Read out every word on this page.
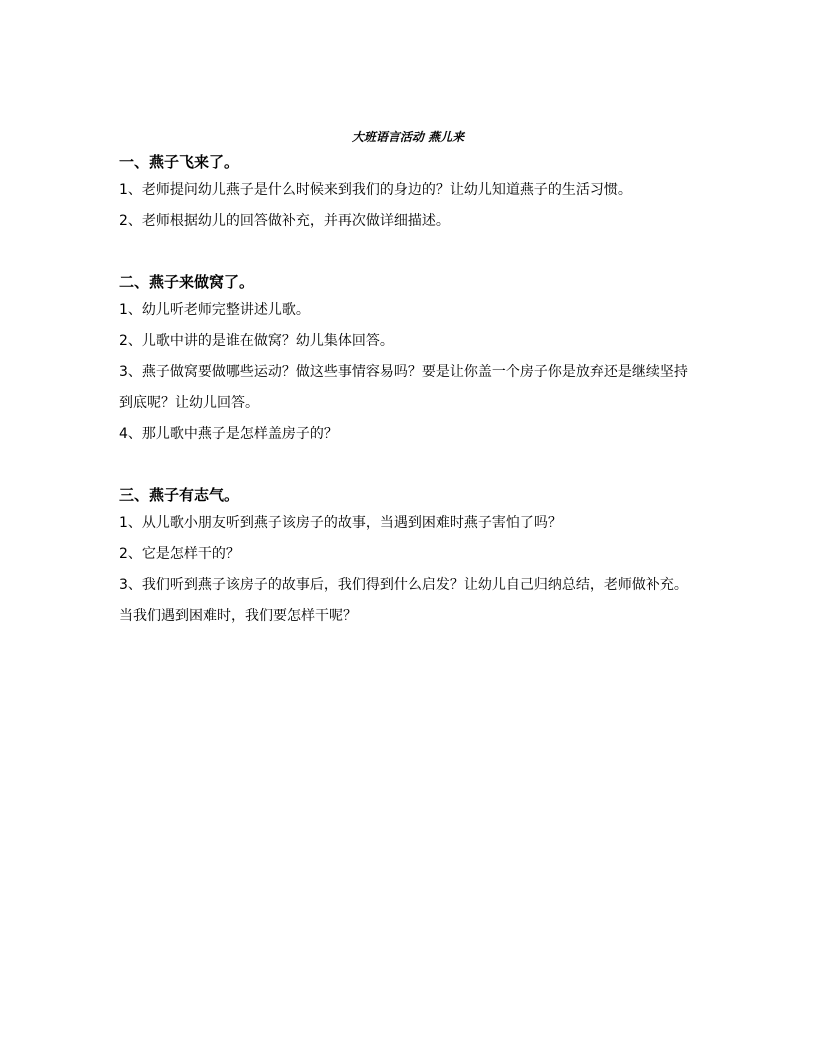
大班语言活动 燕儿来
一、燕子飞来了。
1、老师提问幼儿燕子是什么时候来到我们的身边的？让幼儿知道燕子的生活习惯。
2、老师根据幼儿的回答做补充，并再次做详细描述。
二、燕子来做窝了。
1、幼儿听老师完整讲述儿歌。
2、儿歌中讲的是谁在做窝？幼儿集体回答。
3、燕子做窝要做哪些运动？做这些事情容易吗？要是让你盖一个房子你是放弃还是继续坚持到底呢？让幼儿回答。
4、那儿歌中燕子是怎样盖房子的？
三、燕子有志气。
1、从儿歌小朋友听到燕子该房子的故事，当遇到困难时燕子害怕了吗？
2、它是怎样干的？
3、我们听到燕子该房子的故事后，我们得到什么启发？让幼儿自己归纳总结，老师做补充。
当我们遇到困难时，我们要怎样干呢？
